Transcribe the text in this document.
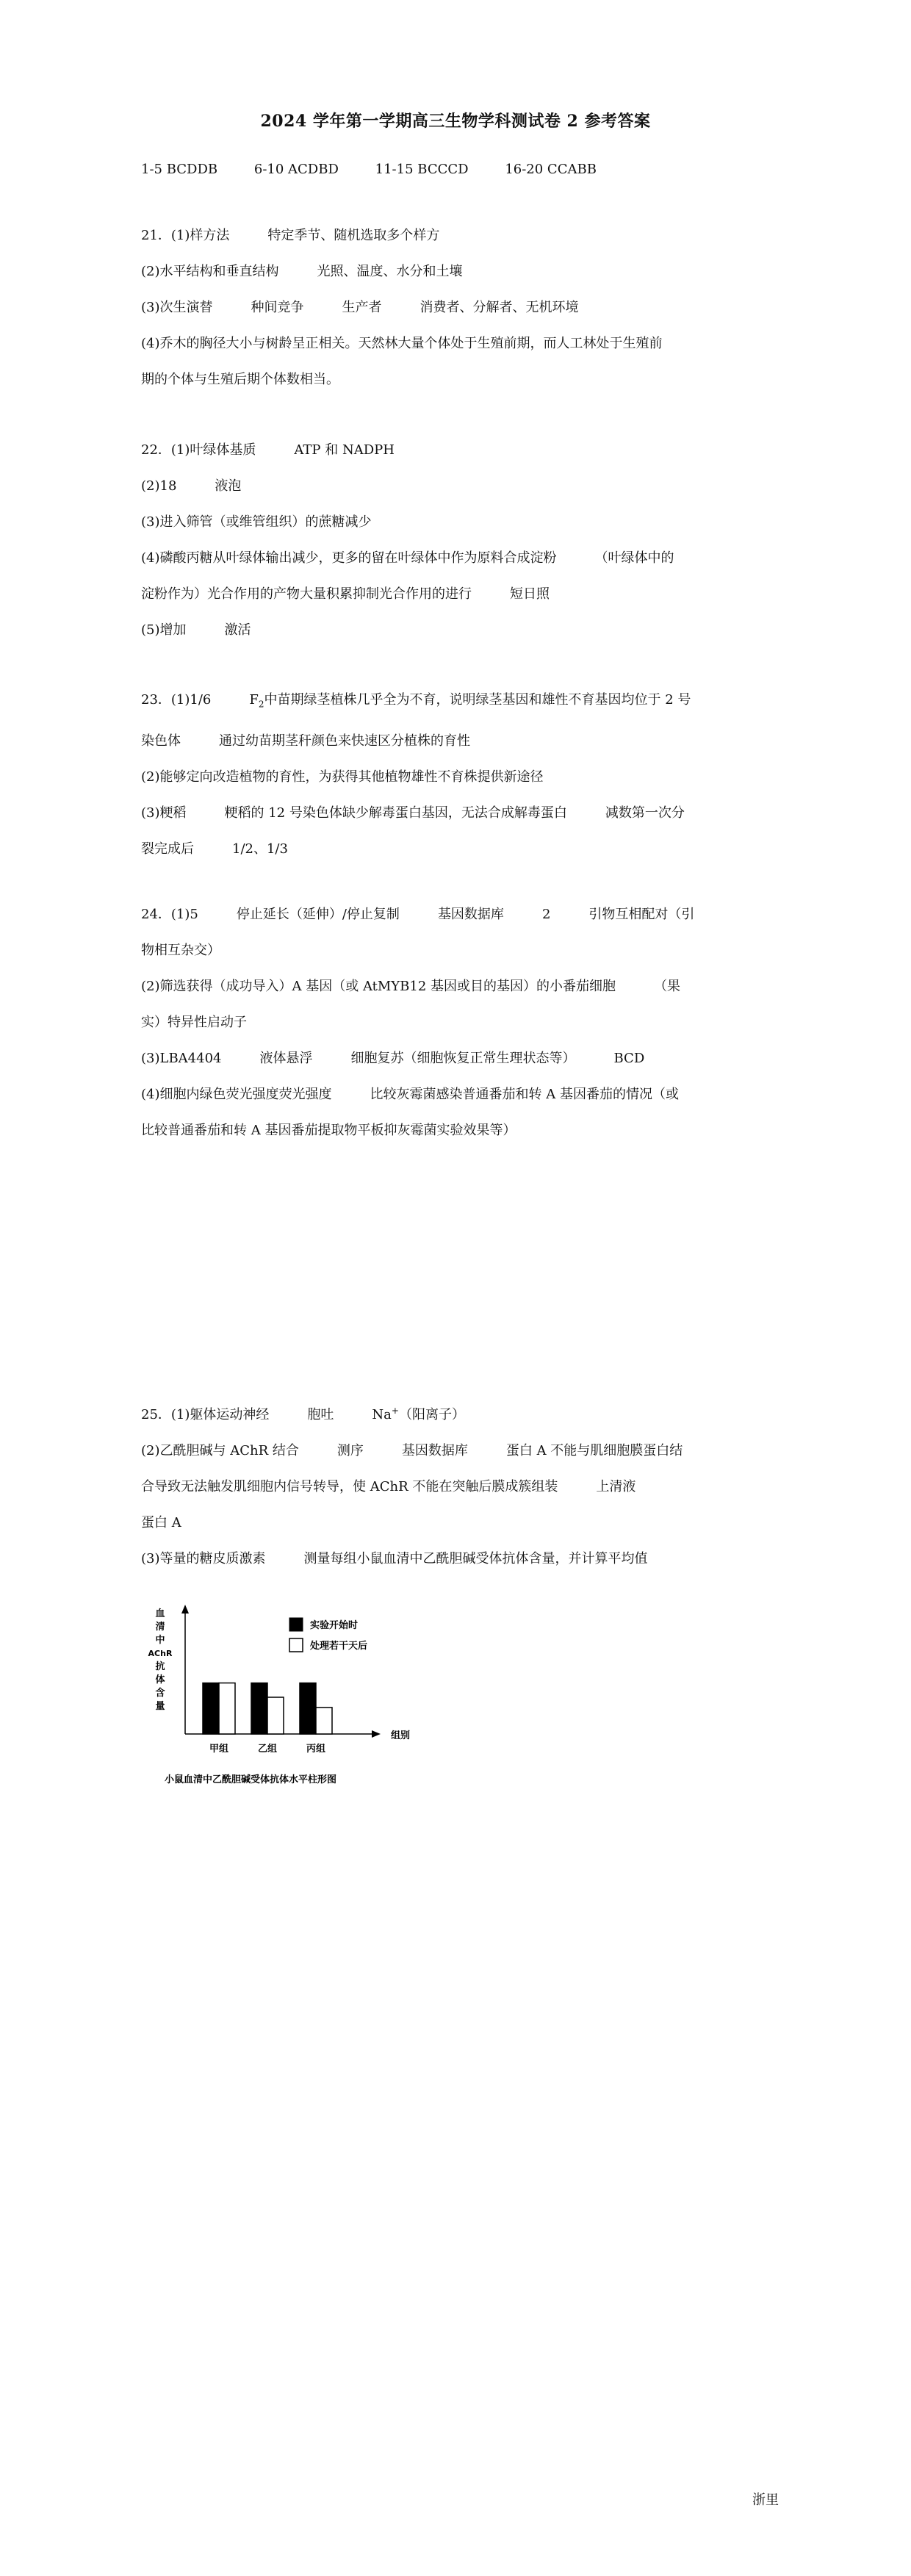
2024 学年第一学期高三生物学科测试卷 2 参考答案
1-5 BCDDB	6-10 ACDBD	11-15 BCCCD	16-20 CCABB

21．(1)样方法	特定季节、随机选取多个样方

(2)水平结构和垂直结构	光照、温度、水分和土壤

(3)次生演替	种间竞争	生产者	消费者、分解者、无机环境

(4)乔木的胸径大小与树龄呈正相关。天然林大量个体处于生殖前期，而人工林处于生殖前

期的个体与生殖后期个体数相当。

22．(1)叶绿体基质	ATP 和 NADPH

(2)18	液泡

(3)进入筛管（或维管组织）的蔗糖减少

(4)磷酸丙糖从叶绿体输出减少，更多的留在叶绿体中作为原料合成淀粉	（叶绿体中的

淀粉作为）光合作用的产物大量积累抑制光合作用的进行	短日照

(5)增加	激活

23．(1)1/6	$F_2$中苗期绿茎植株几乎全为不育，说明绿茎基因和雄性不育基因均位于 2 号

染色体	通过幼苗期茎秆颜色来快速区分植株的育性

(2)能够定向改造植物的育性，为获得其他植物雄性不育株提供新途径

(3)粳稻	粳稻的 12 号染色体缺少解毒蛋白基因，无法合成解毒蛋白	减数第一次分

裂完成后	1/2、1/3

24．(1)5	停止延长（延伸）/停止复制	基因数据库	2	引物互相配对（引

物相互杂交）

(2)筛选获得（成功导入）A 基因（或 AtMYB12 基因或目的基因）的小番茄细胞	（果

实）特异性启动子

(3)LBA4404	液体悬浮	细胞复苏（细胞恢复正常生理状态等）	BCD

(4)细胞内绿色荧光强度荧光强度	比较灰霉菌感染普通番茄和转 A 基因番茄的情况（或

比较普通番茄和转 A 基因番茄提取物平板抑灰霉菌实验效果等）

25．(1)躯体运动神经	胞吐	Na+（阳离子）

(2)乙酰胆碱与 AChR 结合	测序	基因数据库	蛋白 A 不能与肌细胞膜蛋白结

合导致无法触发肌细胞内信号转导，使 AChR 不能在突触后膜成簇组装	上清液

蛋白 A

(3)等量的糖皮质激素	测量每组小鼠血清中乙酰胆碱受体抗体含量，并计算平均值

血清中 AChR 抗体含量
甲组	乙组	丙组
组别
实验开始时
处理若干天后
小鼠血清中乙酰胆碱受体抗体水平柱形图
浙里
